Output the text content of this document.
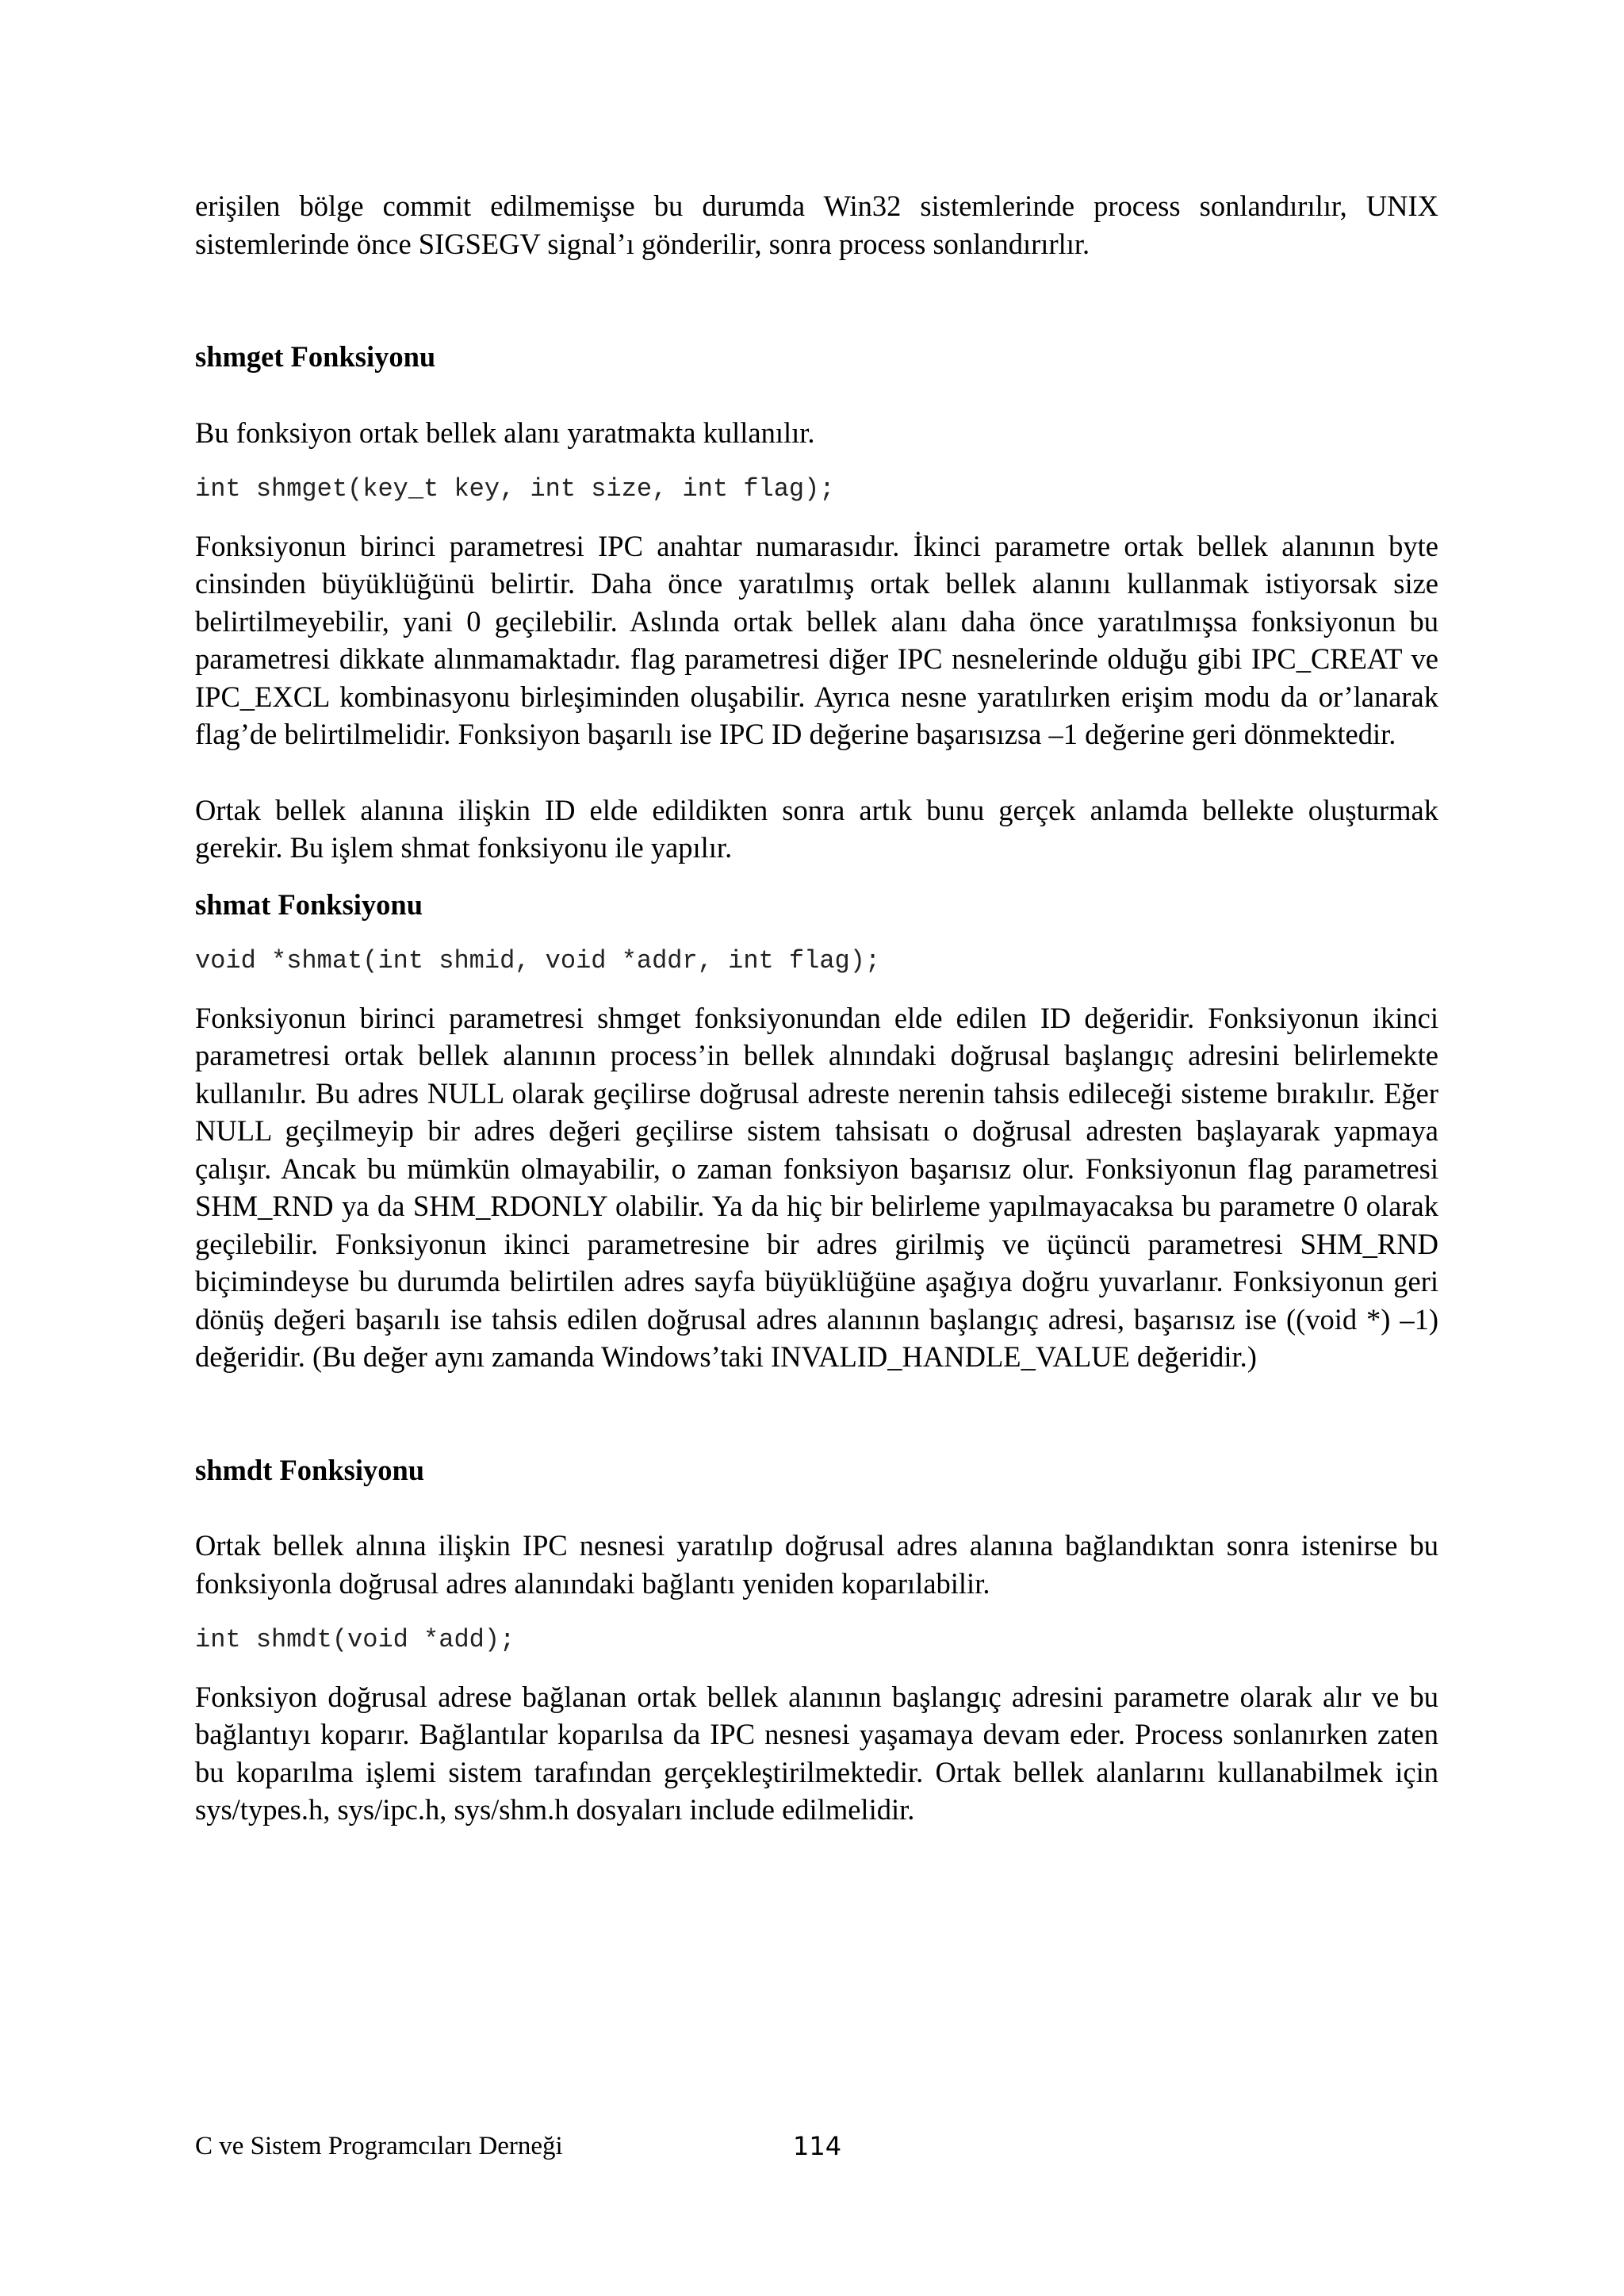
erişilen bölge commit edilmemişse bu durumda Win32 sistemlerinde process sonlandırılır, UNIX sistemlerinde önce SIGSEGV signal’ı gönderilir, sonra process sonlandırırlır.

shmget Fonksiyonu

Bu fonksiyon ortak bellek alanı yaratmakta kullanılır.

int shmget(key_t key, int size, int flag);

Fonksiyonun birinci parametresi IPC anahtar numarasıdır. İkinci parametre ortak bellek alanının byte cinsinden büyüklüğünü belirtir. Daha önce yaratılmış ortak bellek alanını kullanmak istiyorsak size belirtilmeyebilir, yani 0 geçilebilir. Aslında ortak bellek alanı daha önce yaratılmışsa fonksiyonun bu parametresi dikkate alınmamaktadır. flag parametresi diğer IPC nesnelerinde olduğu gibi IPC_CREAT ve IPC_EXCL kombinasyonu birleşiminden oluşabilir. Ayrıca nesne yaratılırken erişim modu da or’lanarak flag’de belirtilmelidir. Fonksiyon başarılı ise IPC ID değerine başarısızsa –1 değerine geri dönmektedir.

Ortak bellek alanına ilişkin ID elde edildikten sonra artık bunu gerçek anlamda bellekte oluşturmak gerekir. Bu işlem shmat fonksiyonu ile yapılır.

shmat Fonksiyonu
void *shmat(int shmid, void *addr, int flag);

Fonksiyonun birinci parametresi shmget fonksiyonundan elde edilen ID değeridir. Fonksiyonun ikinci parametresi ortak bellek alanının process’in bellek alnındaki doğrusal başlangıç adresini belirlemekte kullanılır. Bu adres NULL olarak geçilirse doğrusal adreste nerenin tahsis edileceği sisteme bırakılır. Eğer NULL geçilmeyip bir adres değeri geçilirse sistem tahsisatı o doğrusal adresten başlayarak yapmaya çalışır. Ancak bu mümkün olmayabilir, o zaman fonksiyon başarısız olur. Fonksiyonun flag parametresi SHM_RND ya da SHM_RDONLY olabilir. Ya da hiç bir belirleme yapılmayacaksa bu parametre 0 olarak geçilebilir. Fonksiyonun ikinci parametresine bir adres girilmiş ve üçüncü parametresi SHM_RND biçimindeyse bu durumda belirtilen adres sayfa büyüklüğüne aşağıya doğru yuvarlanır. Fonksiyonun geri dönüş değeri başarılı ise tahsis edilen doğrusal adres alanının başlangıç adresi, başarısız ise ((void *) –1) değeridir. (Bu değer aynı zamanda Windows’taki INVALID_HANDLE_VALUE değeridir.)

shmdt Fonksiyonu

Ortak bellek alnına ilişkin IPC nesnesi yaratılıp doğrusal adres alanına bağlandıktan sonra istenirse bu fonksiyonla doğrusal adres alanındaki bağlantı yeniden koparılabilir.

int shmdt(void *add);

Fonksiyon doğrusal adrese bağlanan ortak bellek alanının başlangıç adresini parametre olarak alır ve bu bağlantıyı koparır. Bağlantılar koparılsa da IPC nesnesi yaşamaya devam eder. Process sonlanırken zaten bu koparılma işlemi sistem tarafından gerçekleştirilmektedir. Ortak bellek alanlarını kullanabilmek için sys/types.h, sys/ipc.h, sys/shm.h dosyaları include edilmelidir.

C ve Sistem Programcıları Derneği	114
